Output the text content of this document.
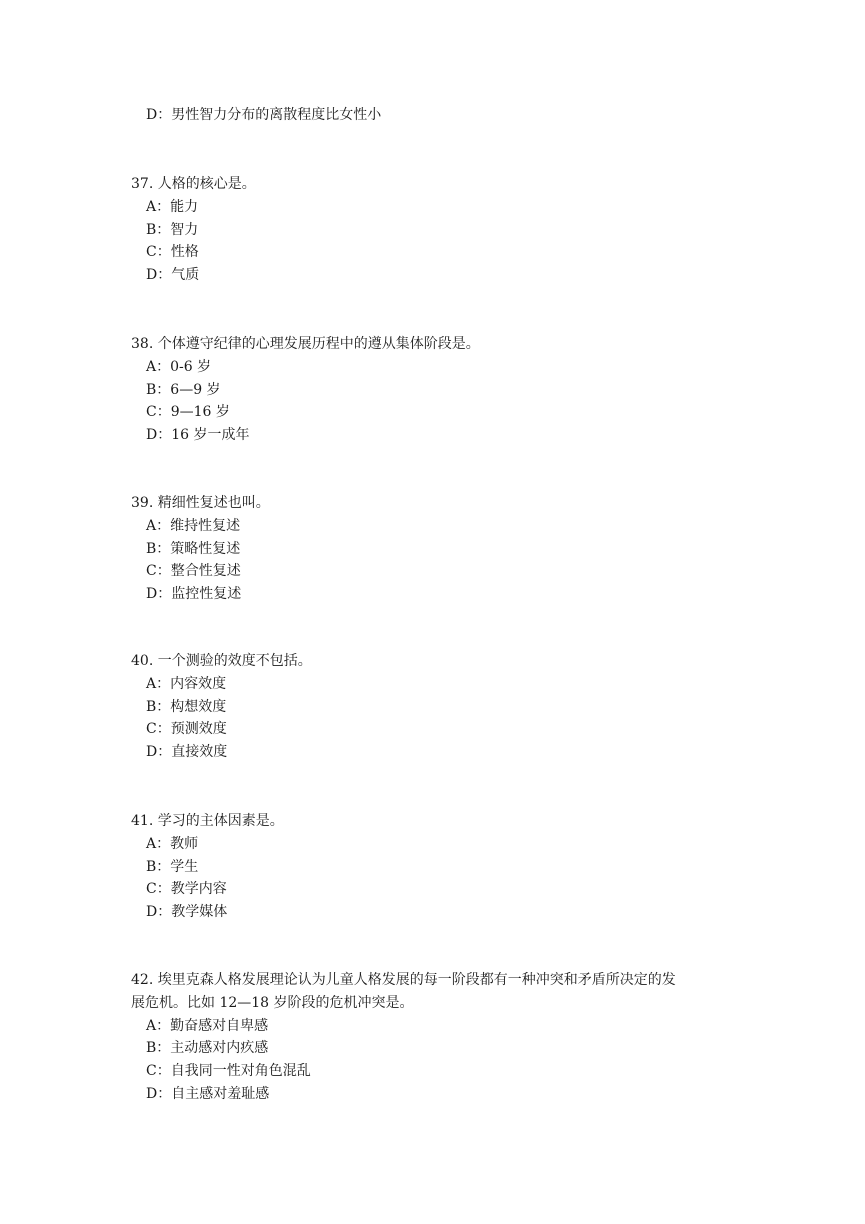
D：男性智力分布的离散程度比女性小

37. 人格的核心是。

A：能力
B：智力
C：性格
D：气质

38. 个体遵守纪律的心理发展历程中的遵从集体阶段是。

A：0-6 岁
B：6—9 岁
C：9—16 岁
D：16 岁一成年

39. 精细性复述也叫。

A：维持性复述
B：策略性复述
C：整合性复述
D：监控性复述

40. 一个测验的效度不包括。

A：内容效度
B：构想效度
C：预测效度
D：直接效度

41. 学习的主体因素是。

A：教师
B：学生
C：教学内容
D：教学媒体

42. 埃里克森人格发展理论认为儿童人格发展的每一阶段都有一种冲突和矛盾所决定的发
展危机。比如 12—18 岁阶段的危机冲突是。

A：勤奋感对自卑感
B：主动感对内疚感
C：自我同一性对角色混乱
D：自主感对羞耻感
